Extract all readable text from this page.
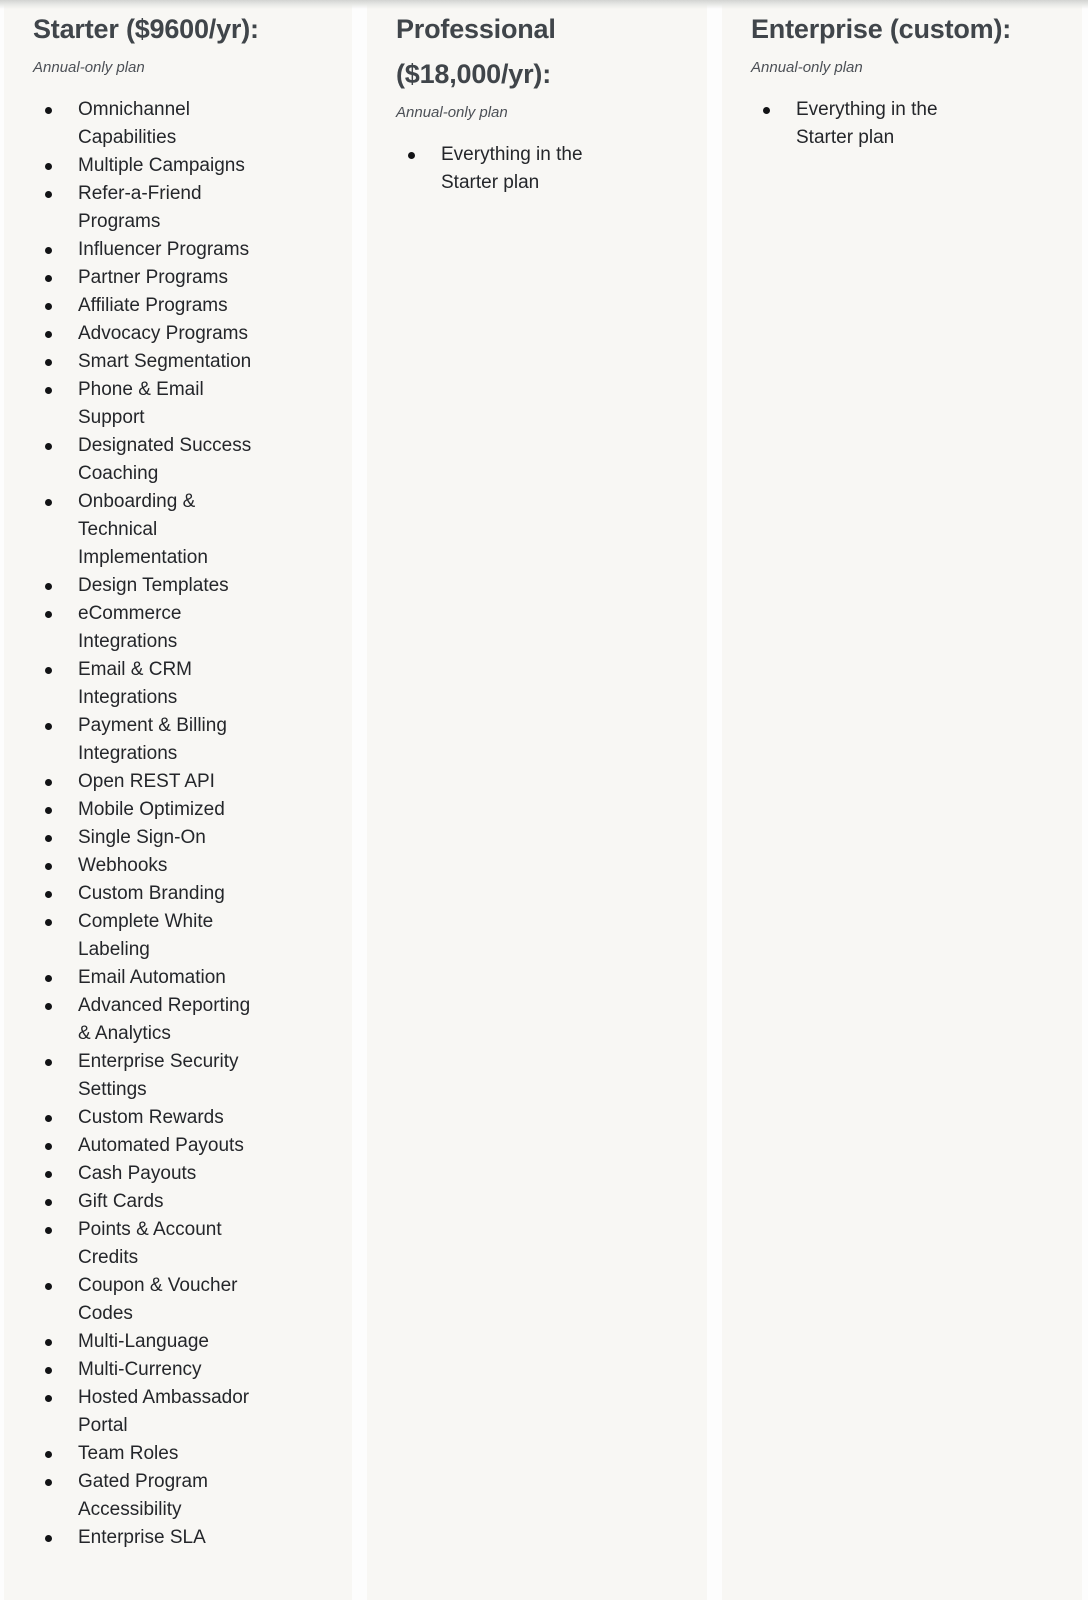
Starter ($9600/yr):

Annual-only plan

Omnichannel Capabilities
Multiple Campaigns
Refer-a-Friend Programs
Influencer Programs
Partner Programs
Affiliate Programs
Advocacy Programs
Smart Segmentation
Phone & Email Support
Designated Success Coaching
Onboarding & Technical Implementation
Design Templates
eCommerce Integrations
Email & CRM Integrations
Payment & Billing Integrations
Open REST API
Mobile Optimized
Single Sign-On
Webhooks
Custom Branding
Complete White Labeling
Email Automation
Advanced Reporting & Analytics
Enterprise Security Settings
Custom Rewards
Automated Payouts
Cash Payouts
Gift Cards
Points & Account Credits
Coupon & Voucher Codes
Multi-Language
Multi-Currency
Hosted Ambassador Portal
Team Roles
Gated Program Accessibility
Enterprise SLA
Professional ($18,000/yr):

Annual-only plan

Everything in the Starter plan
Enterprise (custom):

Annual-only plan

Everything in the Starter plan
